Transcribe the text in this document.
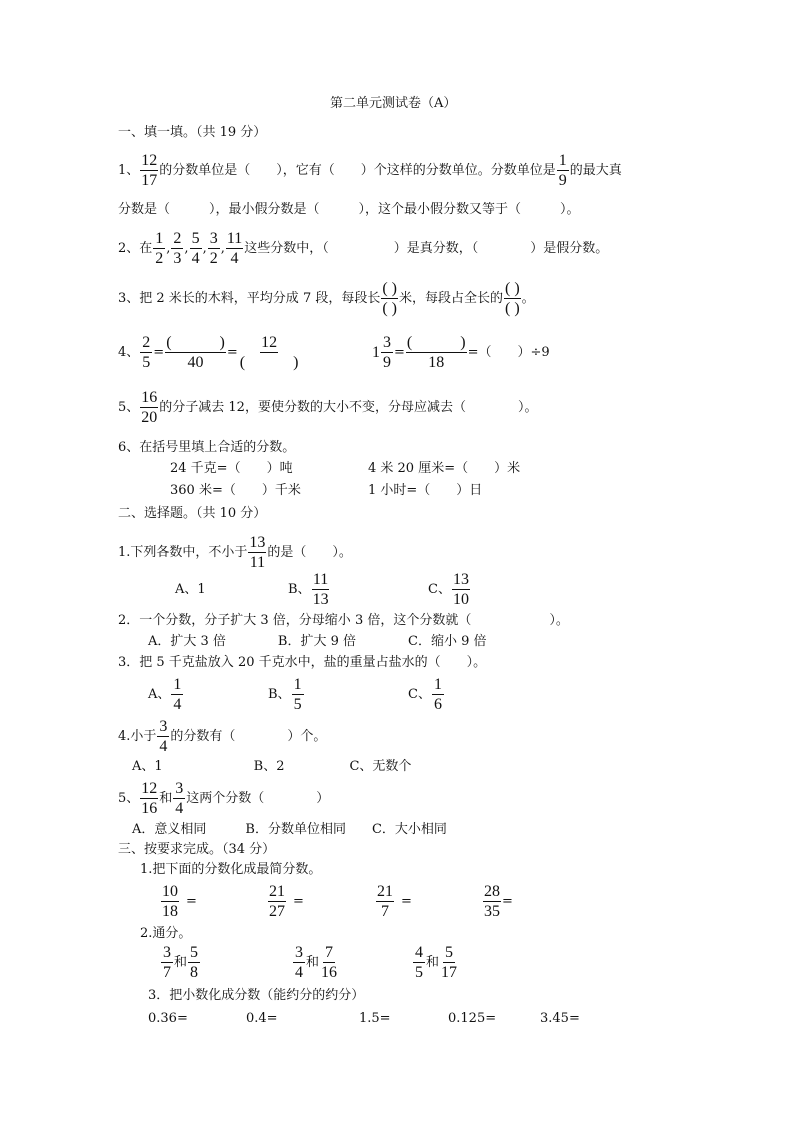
第二单元测试卷（A）
一、填一填。（共 19 分）
1、 $\frac{12}{17}$ 的分数单位是（　　），它有（　　）个这样的分数单位。分数单位是 $\frac{1}{9}$ 的最大真
分数是（　　　），最小假分数是（　　　），这个最小假分数又等于（　　　）。
2、在 $\frac{1}{2}$ , $\frac{2}{3}$ , $\frac{5}{4}$ , $\frac{3}{2}$ , $\frac{11}{4}$ 这些分数中，（　　　　　）是真分数，（　　　　）是假分数。
3、把 2 米长的木料，平均分成 7 段，每段长
( )
( )
米，每段占全长的
( )
( )
。
4、 $\frac{2}{5}$ =
(　　　)
40
=
12
(　　　)
1
3
9
=
(　　　)
18
=（　　）÷9
5、 $\frac{16}{20}$ 的分子减去 12，要使分数的大小不变，分母应减去（　　　　）。
6、在括号里填上合适的分数。
24 千克=（　　）吨	4 米 20 厘米=（　　）米
360 米=（　　）千米	1 小时=（　　）日
二、选择题。（共 10 分）
1.下列各数中，不小于 $\frac{13}{11}$ 的是（　　）。
A、1	B、 $\frac{11}{13}$	C、 $\frac{13}{10}$
2．一个分数，分子扩大 3 倍，分母缩小 3 倍，这个分数就（　　　　　　）。
A．扩大 3 倍　　　　B．扩大 9 倍　　　　C．缩小 9 倍
3．把 5 千克盐放入 20 千克水中，盐的重量占盐水的（　　）。
A、 $\frac{1}{4}$	B、 $\frac{1}{5}$	C、 $\frac{1}{6}$
4.小于 $\frac{3}{4}$ 的分数有（　　　　）个。
A、1　　　　　　　B、2　　　　　C、无数个
5、 $\frac{12}{16}$ 和 $\frac{3}{4}$ 这两个分数（　　　　）
A．意义相同　　　B．分数单位相同　　C．大小相同
三、按要求完成。（34 分）
1.把下面的分数化成最简分数。
$\frac{10}{18}$ =	$\frac{21}{27}$ =	$\frac{21}{7}$ =	$\frac{28}{35}$ =
2.通分。
$\frac{3}{7}$ 和 $\frac{5}{8}$	$\frac{3}{4}$ 和 $\frac{7}{16}$	$\frac{4}{5}$ 和 $\frac{5}{17}$
3．把小数化成分数（能约分的约分）
0.36=	0.4=	1.5=	0.125=	3.45=
